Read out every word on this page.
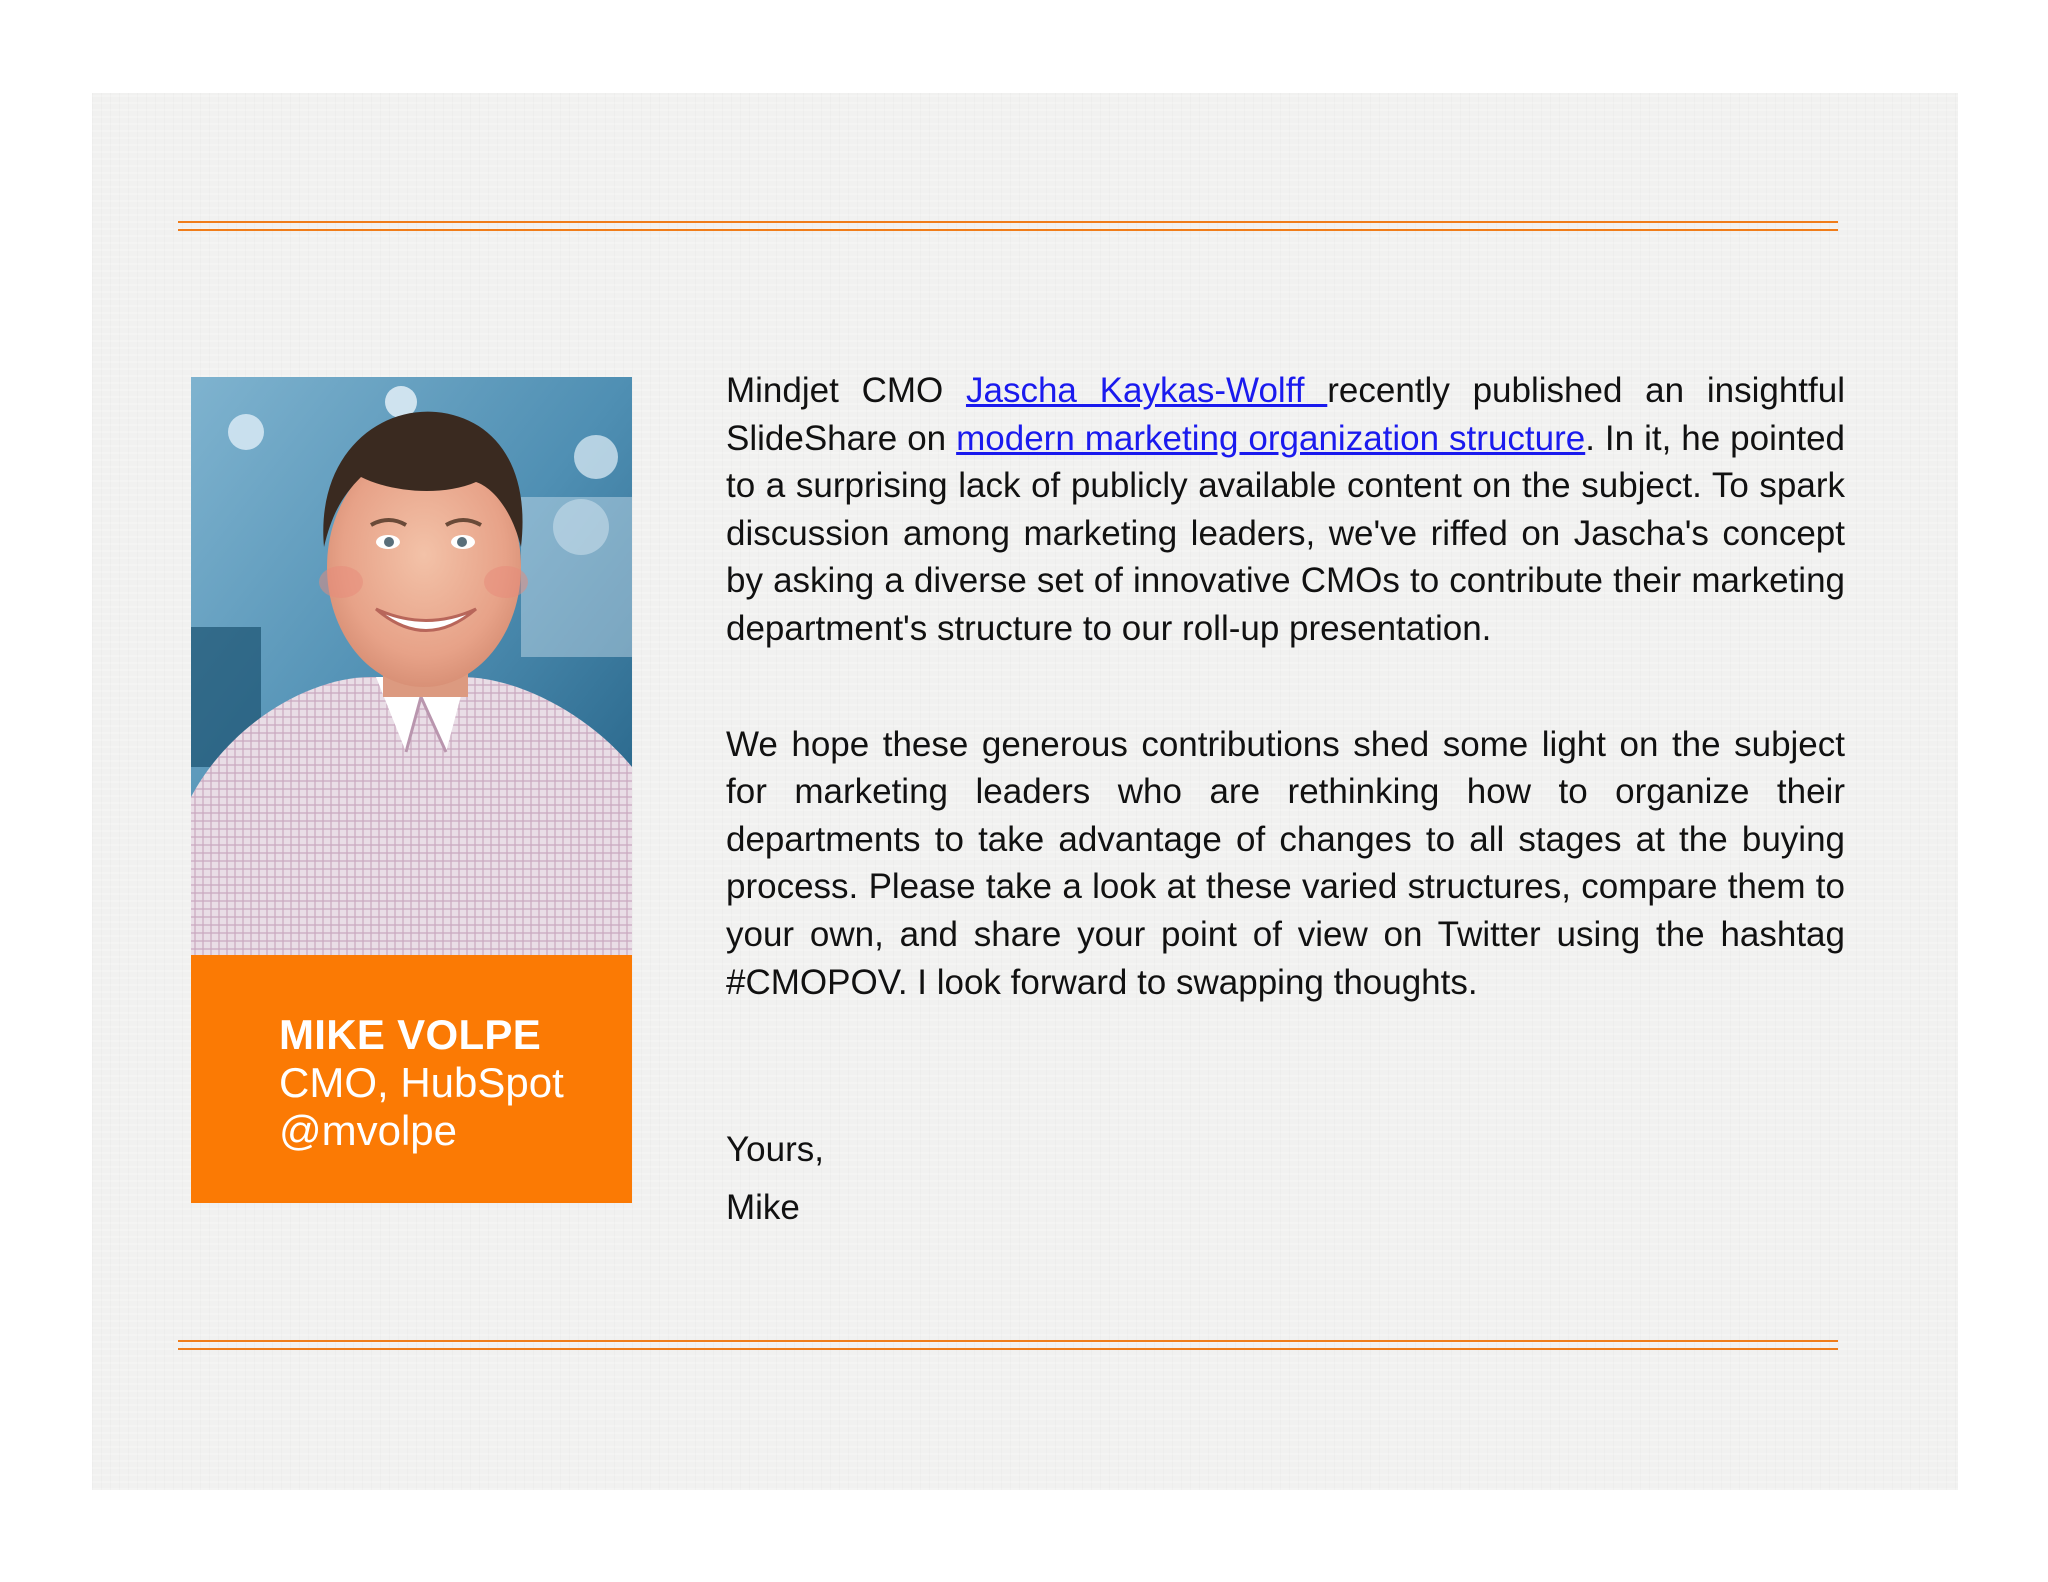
MIKE VOLPE
CMO, HubSpot
@mvolpe

Mindjet CMO Jascha Kaykas-Wolff recently published an insightful SlideShare on modern marketing organization structure. In it, he pointed to a surprising lack of publicly available content on the subject. To spark discussion among marketing leaders, we've riffed on Jascha's concept by asking a diverse set of innovative CMOs to contribute their marketing department's structure to our roll-up presentation.

We hope these generous contributions shed some light on the subject for marketing leaders who are rethinking how to organize their departments to take advantage of changes to all stages at the buying process. Please take a look at these varied structures, compare them to your own, and share your point of view on Twitter using the hashtag #CMOPOV. I look forward to swapping thoughts.

Yours,
Mike
